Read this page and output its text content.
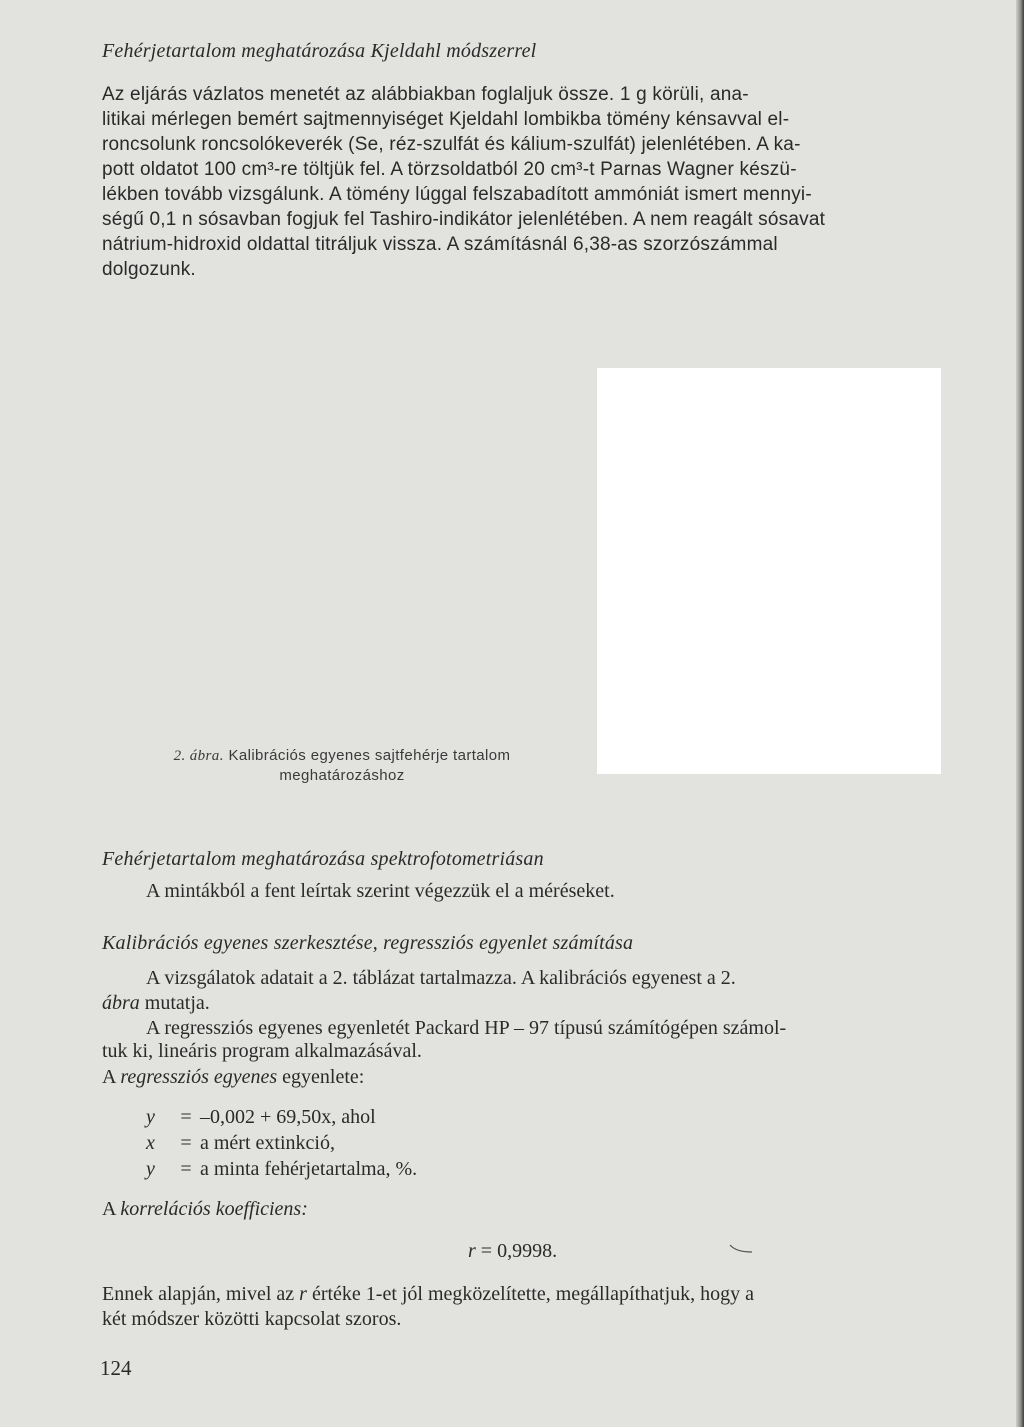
Fehérjetartalom meghatározása Kjeldahl módszerrel
Az eljárás vázlatos menetét az alábbiakban foglaljuk össze. 1 g körüli, ana-
litikai mérlegen bemért sajtmennyiséget Kjeldahl lombikba tömény kénsavval el-
roncsolunk roncsolókeverék (Se, réz-szulfát és kálium-szulfát) jelenlétében. A ka-
pott oldatot 100 cm³-re töltjük fel. A törzsoldatból 20 cm³-t Parnas Wagner készü-
lékben tovább vizsgálunk. A tömény lúggal felszabadított ammóniát ismert mennyi-
ségű 0,1 n sósavban fogjuk fel Tashiro-indikátor jelenlétében. A nem reagált sósavat
nátrium-hidroxid oldattal titráljuk vissza. A számításnál 6,38-as szorzószámmal
dolgozunk.
2. ábra. Kalibrációs egyenes sajtfehérje tartalom
meghatározáshoz
Fehérjetartalom meghatározása spektrofotometriásan
A mintákból a fent leírtak szerint végezzük el a méréseket.
Kalibrációs egyenes szerkesztése, regressziós egyenlet számítása
A vizsgálatok adatait a 2. táblázat tartalmazza. A kalibrációs egyenest a 2.
ábra mutatja.
A regressziós egyenes egyenletét Packard HP – 97 típusú számítógépen számol-
tuk ki, lineáris program alkalmazásával.
A regressziós egyenes egyenlete:
y	= –0,002 + 69,50x, ahol
x	= a mért extinkció,
y	= a minta fehérjetartalma, %.
A korrelációs koefficiens:
r = 0,9998.
Ennek alapján, mivel az r értéke 1-et jól megközelítette, megállapíthatjuk, hogy a
két módszer közötti kapcsolat szoros.
124
